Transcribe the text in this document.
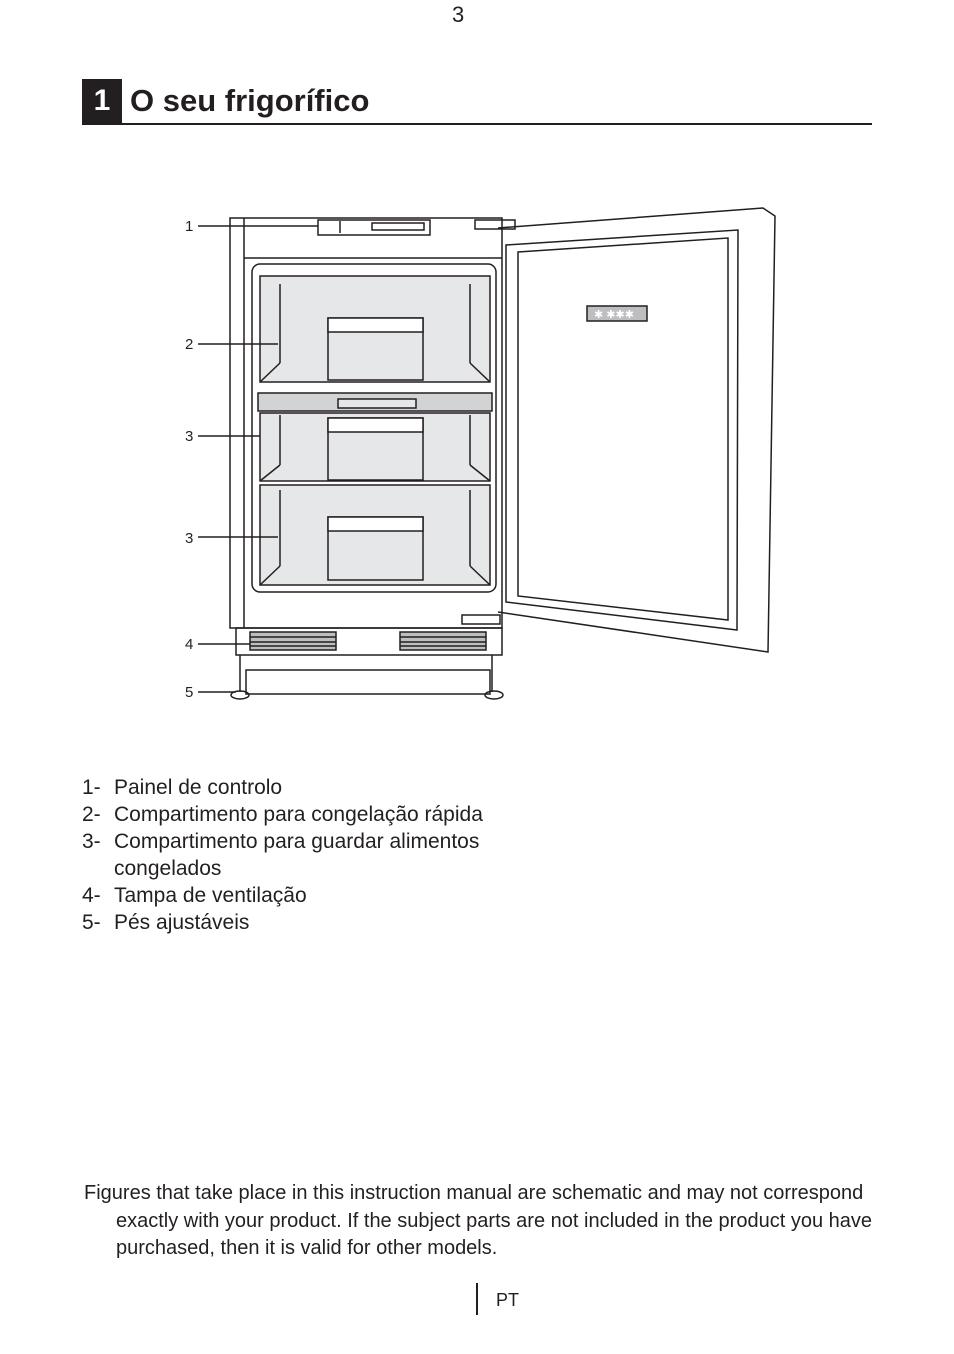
1 O seu frigorífico
✱ ✱✱✱
1
2
3
3
4
5
1- Painel de controlo
2- Compartimento para congelação rápida
3- Compartimento para guardar alimentos congelados
4- Tampa de ventilação
5- Pés ajustáveis

Figures that take place in this instruction manual are schematic and may not correspond exactly with your product. If the subject parts are not included in the product you have purchased, then it is valid for other models.

3
PT
